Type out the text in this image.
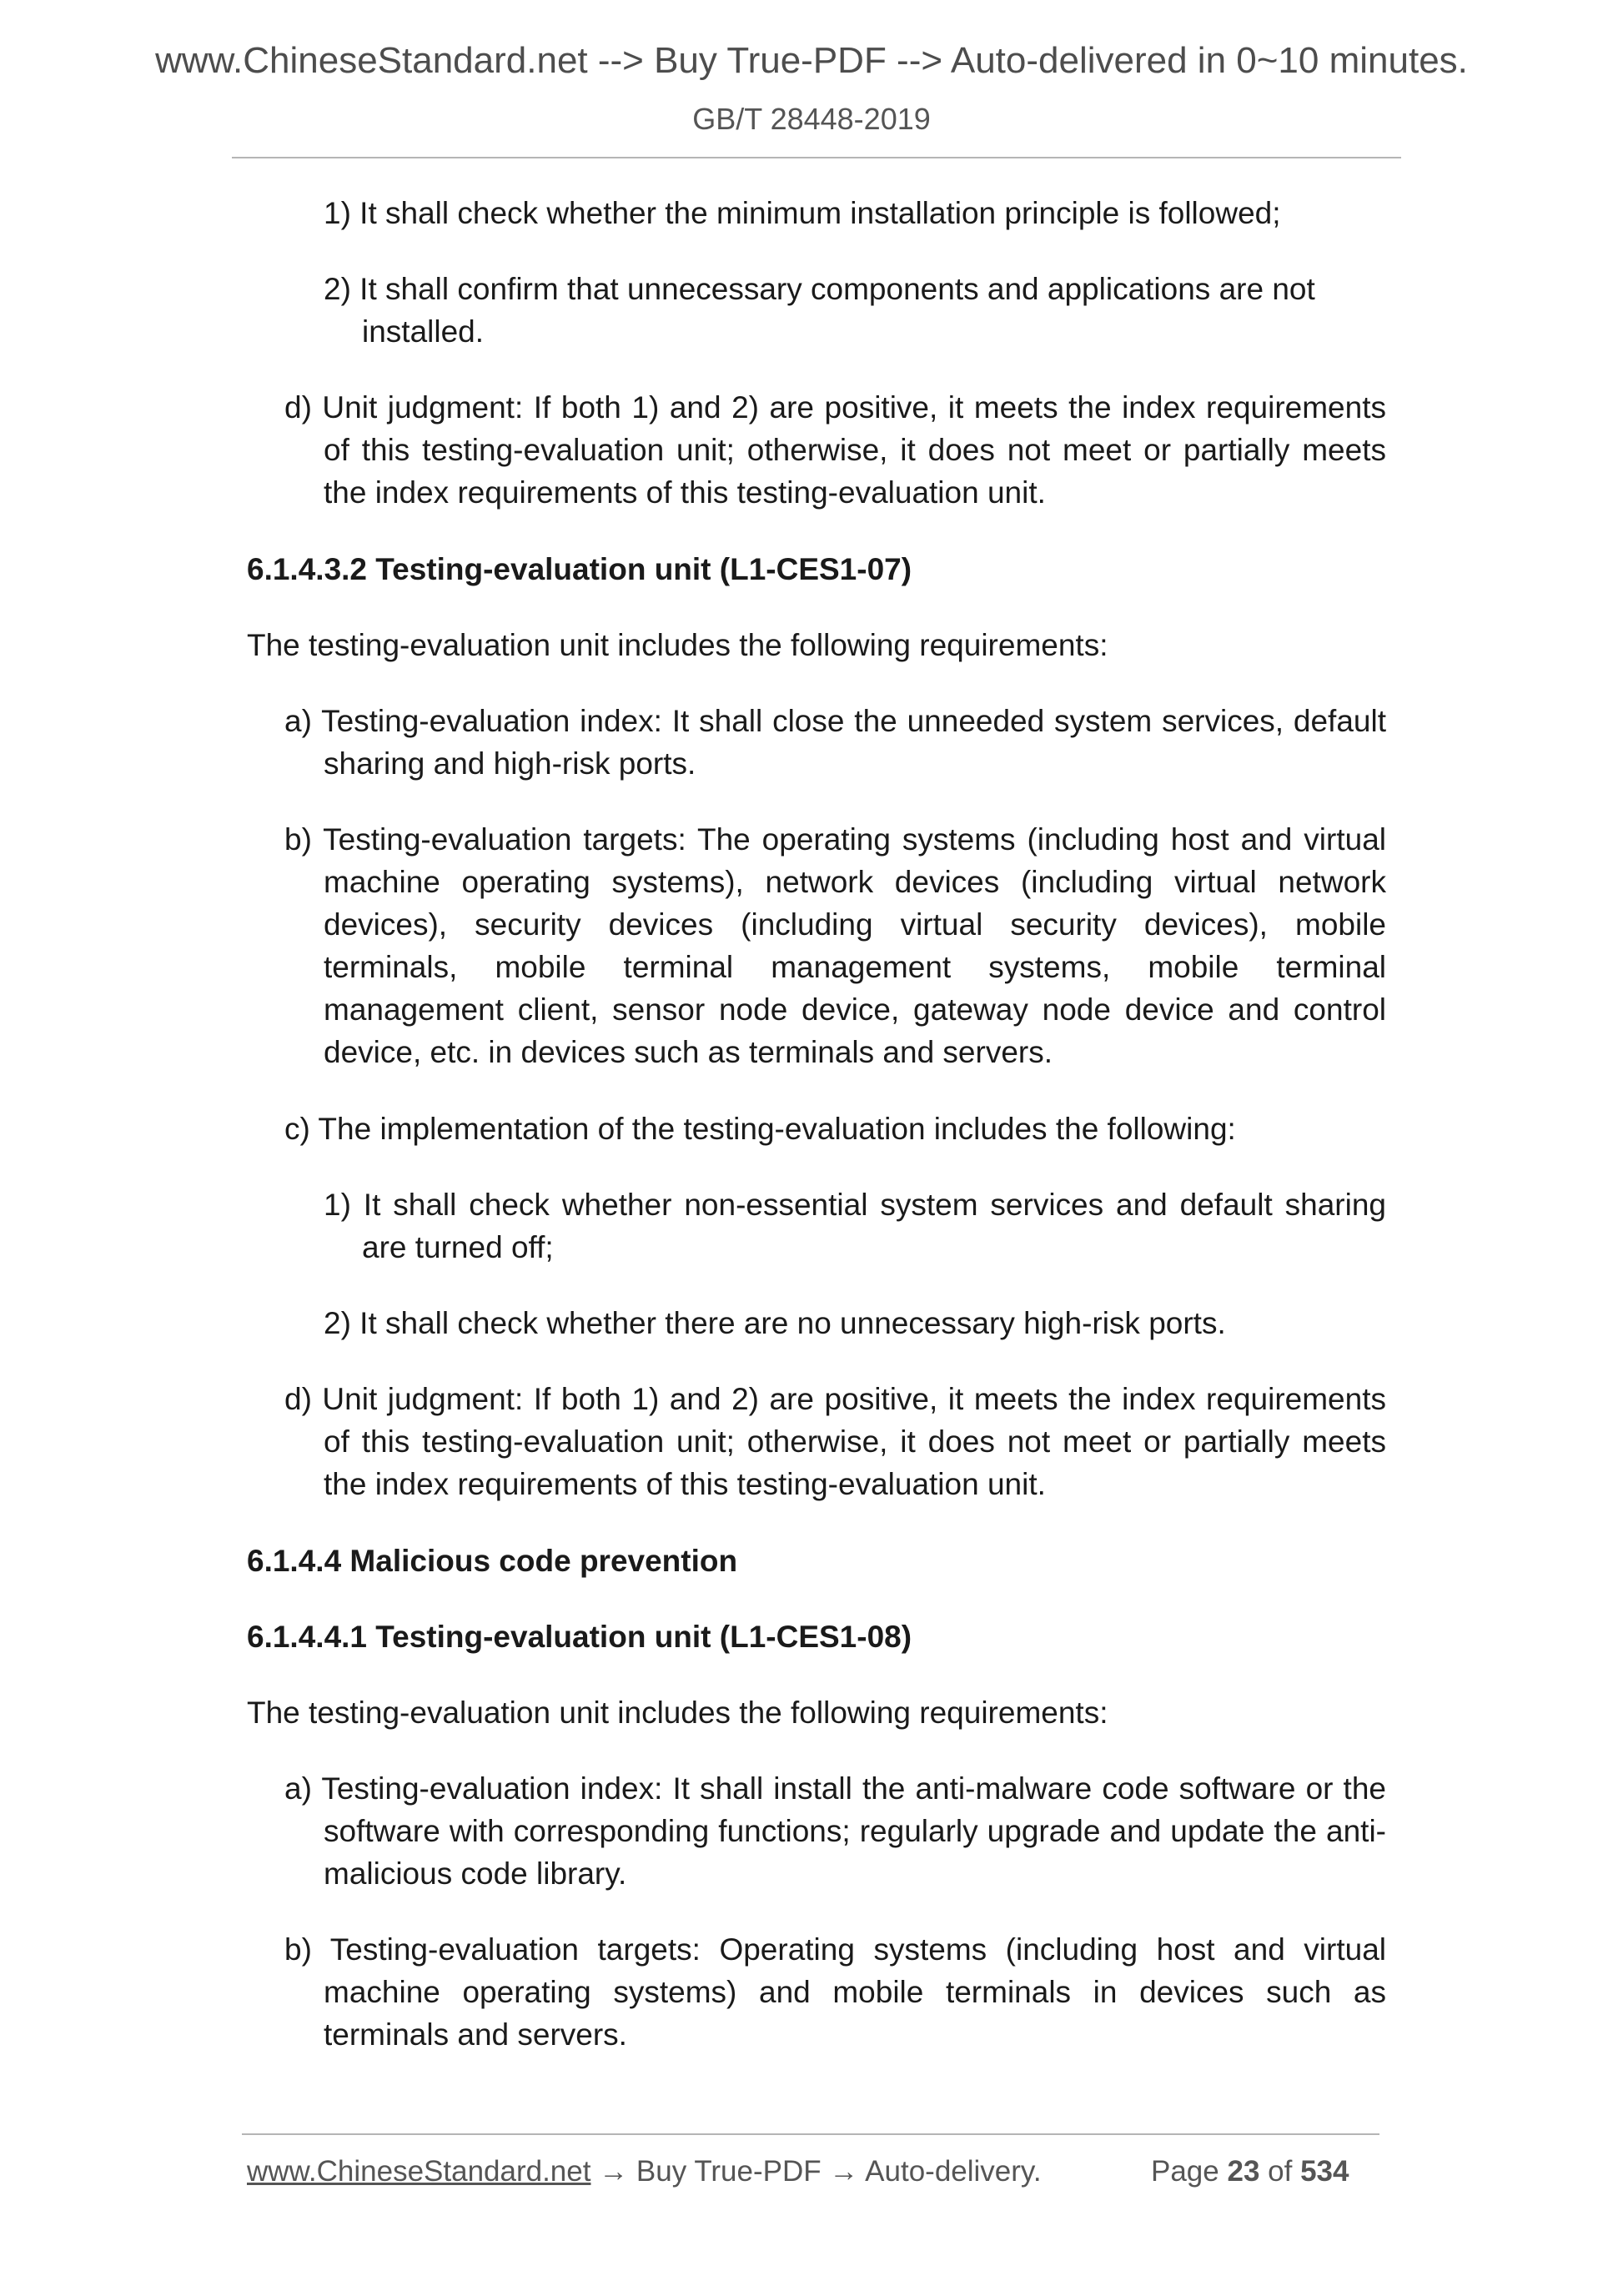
www.ChineseStandard.net --> Buy True-PDF --> Auto-delivered in 0~10 minutes.
GB/T 28448-2019

1) It shall check whether the minimum installation principle is followed;

2) It shall confirm that unnecessary components and applications are not installed.

d) Unit judgment: If both 1) and 2) are positive, it meets the index requirements of this testing-evaluation unit; otherwise, it does not meet or partially meets the index requirements of this testing-evaluation unit.

6.1.4.3.2 Testing-evaluation unit (L1-CES1-07)

The testing-evaluation unit includes the following requirements:

a) Testing-evaluation index: It shall close the unneeded system services, default sharing and high-risk ports.

b) Testing-evaluation targets: The operating systems (including host and virtual machine operating systems), network devices (including virtual network devices), security devices (including virtual security devices), mobile terminals, mobile terminal management systems, mobile terminal management client, sensor node device, gateway node device and control device, etc. in devices such as terminals and servers.

c) The implementation of the testing-evaluation includes the following:

1) It shall check whether non-essential system services and default sharing are turned off;

2) It shall check whether there are no unnecessary high-risk ports.

d) Unit judgment: If both 1) and 2) are positive, it meets the index requirements of this testing-evaluation unit; otherwise, it does not meet or partially meets the index requirements of this testing-evaluation unit.

6.1.4.4 Malicious code prevention

6.1.4.4.1 Testing-evaluation unit (L1-CES1-08)

The testing-evaluation unit includes the following requirements:

a) Testing-evaluation index: It shall install the anti-malware code software or the software with corresponding functions; regularly upgrade and update the anti-malicious code library.

b) Testing-evaluation targets: Operating systems (including host and virtual machine operating systems) and mobile terminals in devices such as terminals and servers.

www.ChineseStandard.net → Buy True-PDF → Auto-delivery.	Page 23 of 534
